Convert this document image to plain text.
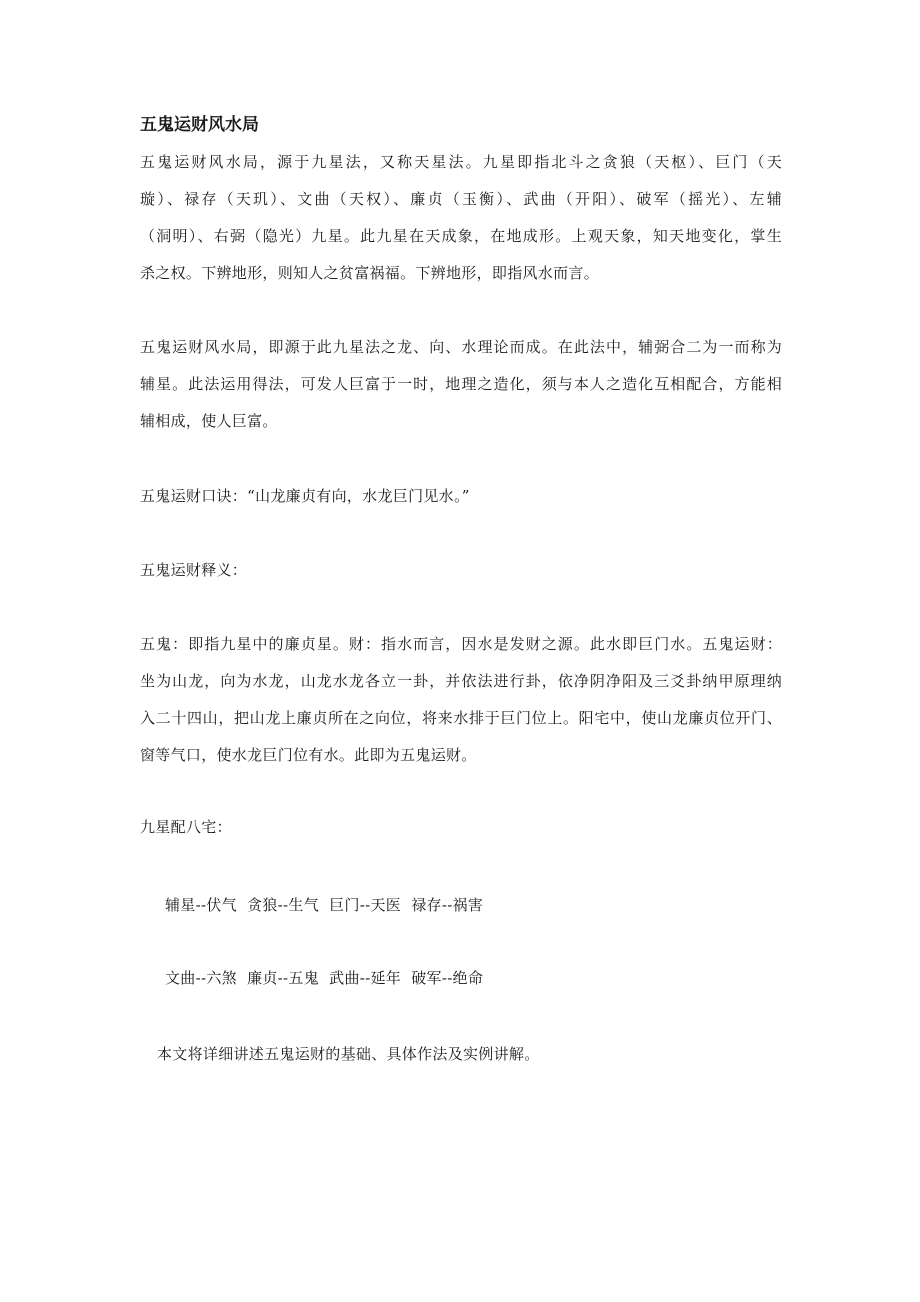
五鬼运财风水局

五鬼运财风水局，源于九星法，又称天星法。九星即指北斗之贪狼（天枢）、巨门（天
璇）、禄存（天玑）、文曲（天权）、廉贞（玉衡）、武曲（开阳）、破军（摇光）、左辅
（洞明）、右弼（隐光）九星。此九星在天成象，在地成形。上观天象，知天地变化，掌生
杀之权。下辨地形，则知人之贫富祸福。下辨地形，即指风水而言。

五鬼运财风水局，即源于此九星法之龙、向、水理论而成。在此法中，辅弼合二为一而称为
辅星。此法运用得法，可发人巨富于一时，地理之造化，须与本人之造化互相配合，方能相
辅相成，使人巨富。

五鬼运财口诀：“山龙廉贞有向，水龙巨门见水。”

五鬼运财释义：

五鬼：即指九星中的廉贞星。财：指水而言，因水是发财之源。此水即巨门水。五鬼运财：
坐为山龙，向为水龙，山龙水龙各立一卦，并依法进行卦，依净阴净阳及三爻卦纳甲原理纳
入二十四山，把山龙上廉贞所在之向位，将来水排于巨门位上。阳宅中，使山龙廉贞位开门、
窗等气口，使水龙巨门位有水。此即为五鬼运财。

九星配八宅：

辅星--伏气  贪狼--生气  巨门--天医  禄存--祸害

文曲--六煞  廉贞--五鬼  武曲--延年  破军--绝命

本文将详细讲述五鬼运财的基础、具体作法及实例讲解。
